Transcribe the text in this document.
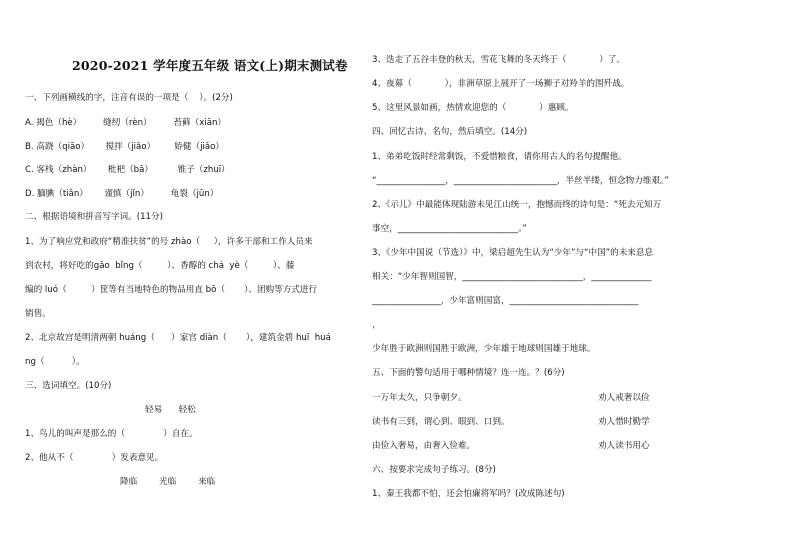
2020-2021 学年度五年级 语文(上)期末测试卷
一、下列画横线的字，注音有误的一项是（    ）。(2分)
A. 揭色（hè）        缝纫（rèn）        苔藓（xiān）
B. 高跷（qiāo）      搅拌（jiǎo）       娇健（jiǎo）
C. 客栈（zhàn）      枇杷（bā）         锥子（zhuī）
D. 腼腆（tiǎn）      谨慎（jǐn）        龟裂（jūn）
二、根据语境和拼音写字词。(11分)
1、为了响应党和政府“精准扶贫”的号 zhào（     ），许多干部和工作人员来
到农村，将好吃的gāo  bǐng（         ）、香醇的 chá  yè（         ）、藤
编的 luó（         ）筐等有当地特色的物品用直 bō（       ）、团购等方式进行
销售。
2、北京故宫是明清两朝 huáng（      ）家宫 diàn（       ），建筑金碧 huī  huá
ng（          ）。
三、选词填空。(10分)
轻易      轻松
1、鸟儿的叫声是那么的（              ）自在。
2、他从不（              ）发表意见。
降临        光临        来临
3、迭走了五谷丰登的秋天，雪花飞舞的冬天终于（            ）了。
4、夜幕（            ），非洲草原上展开了一场狮子对羚羊的围歼战。
5、这里风景如画，热情欢迎您的（            ）惠顾。
四、回忆古诗、名句，然后填空。(14分)
1、弟弟吃饭时经常剩饭，不爱惜粮食，请你用古人的名句提醒他。
“________________，________________________，半丝半缕，恒念物力维艰。”
2、《示儿》中最能体现陆游未见江山统一，抱憾而终的诗句是：“死去元知万
事空，____________________________。”
3、《少年中国说（节选）》中，梁启超先生认为“少年”与“中国”的未来息息
相关：“少年智则国智，____________________________，______________
________________，少年富则国富，______________________________
，
少年胜于欧洲则国胜于欧洲，少年雄于地球则国雄于地球。
五、下面的警句适用于哪种情境？连一连。？(6分)
一万年太久，只争朝夕。	劝人戒奢以俭
读书有三到，谓心到、眼到、口到。	劝人惜时勤学
由俭入奢易，由奢入俭难。	劝人读书用心
六、按要求完成句子练习。(8分)
1、秦王我都不怕，还会怕廉将军吗？(改成陈述句)
